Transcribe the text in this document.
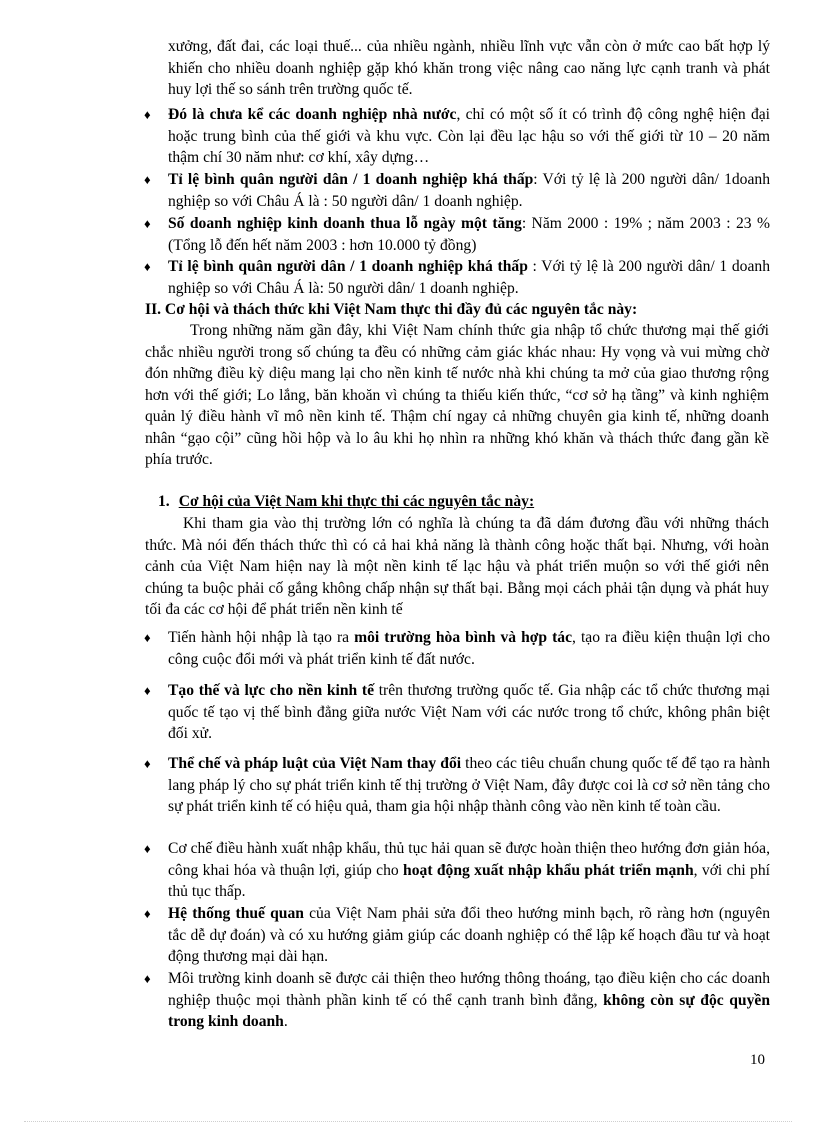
xưởng, đất đai, các loại thuế... của nhiều ngành, nhiều lĩnh vực vẫn còn ở mức cao bất hợp lý khiến cho nhiều doanh nghiệp gặp khó khăn trong việc nâng cao năng lực cạnh tranh và phát huy lợi thế so sánh trên trường quốc tế.
♦ Đó là chưa kể các doanh nghiệp nhà nước, chỉ có một số ít có trình độ công nghệ hiện đại hoặc trung bình của thế giới và khu vực. Còn lại đều lạc hậu so với thế giới từ 10 – 20 năm thậm chí 30 năm như: cơ khí, xây dựng…
♦ Tỉ lệ bình quân người dân / 1 doanh nghiệp khá thấp: Với tỷ lệ là 200 người dân/ 1doanh nghiệp so với Châu Á là : 50 người dân/ 1 doanh nghiệp.
♦ Số doanh nghiệp kinh doanh thua lỗ ngày một tăng: Năm 2000 : 19% ; năm 2003 : 23 % (Tổng lỗ đến hết năm 2003 : hơn 10.000 tỷ đồng)
♦ Tỉ lệ bình quân người dân / 1 doanh nghiệp khá thấp : Với tỷ lệ là 200 người dân/ 1 doanh nghiệp so với Châu Á là: 50 người dân/ 1 doanh nghiệp.
II. Cơ hội và thách thức khi Việt Nam thực thi đầy đủ các nguyên tắc này:
Trong những năm gần đây, khi Việt Nam chính thức gia nhập tổ chức thương mại thế giới chắc nhiều người trong số chúng ta đều có những cảm giác khác nhau: Hy vọng và vui mừng chờ đón những điều kỳ diệu mang lại cho nền kinh tế nước nhà khi chúng ta mở của giao thương rộng hơn với thế giới; Lo lắng, băn khoăn vì chúng ta thiếu kiến thức, “cơ sở hạ tầng” và kinh nghiệm quản lý điều hành vĩ mô nền kinh tế. Thậm chí ngay cả những chuyên gia kinh tế, những doanh nhân “gạo cội” cũng hồi hộp và lo âu khi họ nhìn ra những khó khăn và thách thức đang gần kề phía trước.
1. Cơ hội của Việt Nam khi thực thi các nguyên tắc này:
Khi tham gia vào thị trường lớn có nghĩa là chúng ta đã dám đương đầu với những thách thức. Mà nói đến thách thức thì có cả hai khả năng là thành công hoặc thất bại. Nhưng, với hoàn cảnh của Việt Nam hiện nay là một nền kinh tế lạc hậu và phát triển muộn so với thế giới nên chúng ta buộc phải cố gắng không chấp nhận sự thất bại. Bằng mọi cách phải tận dụng và phát huy tối đa các cơ hội để phát triển nền kinh tế
♦ Tiến hành hội nhập là tạo ra môi trường hòa bình và hợp tác, tạo ra điều kiện thuận lợi cho công cuộc đổi mới và phát triển kinh tế đất nước.
♦ Tạo thế và lực cho nền kinh tế trên thương trường quốc tế. Gia nhập các tổ chức thương mại quốc tế tạo vị thế bình đẳng giữa nước Việt Nam với các nước trong tổ chức, không phân biệt đối xử.
♦ Thể chế và pháp luật của Việt Nam thay đổi theo các tiêu chuẩn chung quốc tế để tạo ra hành lang pháp lý cho sự phát triển kinh tế thị trường ở Việt Nam, đây được coi là cơ sở nền tảng cho sự phát triển kinh tế có hiệu quả, tham gia hội nhập thành công vào nền kinh tế toàn cầu.
♦ Cơ chế điều hành xuất nhập khẩu, thủ tục hải quan sẽ được hoàn thiện theo hướng đơn giản hóa, công khai hóa và thuận lợi, giúp cho hoạt động xuất nhập khẩu phát triển mạnh, với chi phí thủ tục thấp.
♦ Hệ thống thuế quan của Việt Nam phải sửa đổi theo hướng minh bạch, rõ ràng hơn (nguyên tắc dễ dự đoán) và có xu hướng giảm giúp các doanh nghiệp có thể lập kế hoạch đầu tư và hoạt động thương mại dài hạn.
♦ Môi trường kinh doanh sẽ được cải thiện theo hướng thông thoáng, tạo điều kiện cho các doanh nghiệp thuộc mọi thành phần kinh tế có thể cạnh tranh bình đẳng, không còn sự độc quyền trong kinh doanh.
10
